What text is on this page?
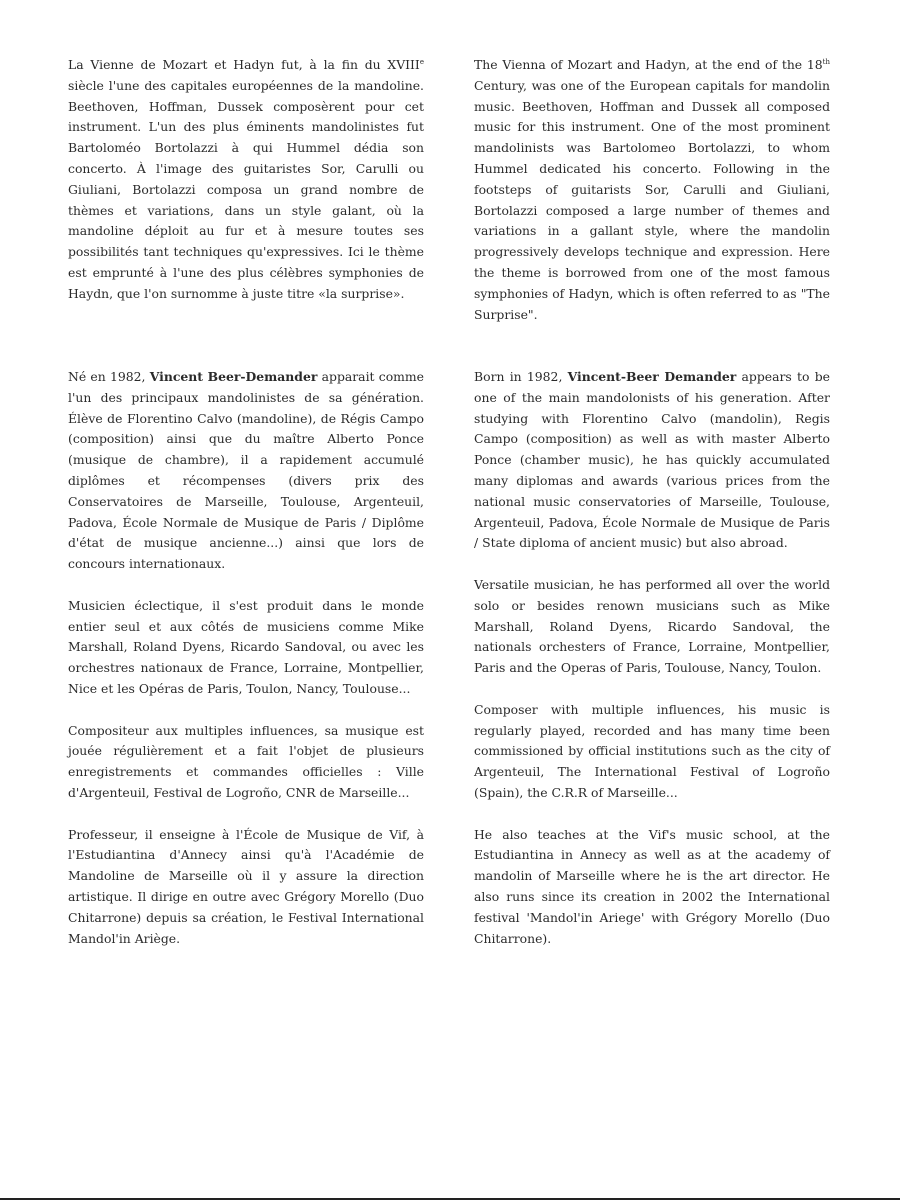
La Vienne de Mozart et Hadyn fut, à la fin du XVIIIe siècle l'une des capitales européennes de la mandoline. Beethoven, Hoffman, Dussek composèrent pour cet instrument. L'un des plus éminents mandolinistes fut Bartoloméo Bortolazzi à qui Hummel dédia son concerto. À l'image des guitaristes Sor, Carulli ou Giuliani, Bortolazzi composa un grand nombre de thèmes et variations, dans un style galant, où la mandoline déploit au fur et à mesure toutes ses possibilités tant techniques qu'expressives. Ici le thème est emprunté à l'une des plus célèbres symphonies de Haydn, que l'on surnomme à juste titre «la surprise».

Né en 1982, Vincent Beer-Demander apparait comme l'un des principaux mandolinistes de sa génération. Élève de Florentino Calvo (mandoline), de Régis Campo (composition) ainsi que du maître Alberto Ponce (musique de chambre), il a rapidement accumulé diplômes et récompenses (divers prix des Conservatoires de Marseille, Toulouse, Argenteuil, Padova, École Normale de Musique de Paris / Diplôme d'état de musique ancienne...) ainsi que lors de concours internationaux.

Musicien éclectique, il s'est produit dans le monde entier seul et aux côtés de musiciens comme Mike Marshall, Roland Dyens, Ricardo Sandoval, ou avec les orchestres nationaux de France, Lorraine, Montpellier, Nice et les Opéras de Paris, Toulon, Nancy, Toulouse...

Compositeur aux multiples influences, sa musique est jouée régulièrement et a fait l'objet de plusieurs enregistrements et commandes officielles : Ville d'Argenteuil, Festival de Logroño, CNR de Marseille...

Professeur, il enseigne à l'École de Musique de Vif, à l'Estudiantina d'Annecy ainsi qu'à l'Académie de Mandoline de Marseille où il y assure la direction artistique. Il dirige en outre avec Grégory Morello (Duo Chitarrone) depuis sa création, le Festival International Mandol'in Ariège.

The Vienna of Mozart and Hadyn, at the end of the 18th Century, was one of the European capitals for mandolin music. Beethoven, Hoffman and Dussek all composed music for this instrument. One of the most prominent mandolinists was Bartolomeo Bortolazzi, to whom Hummel dedicated his concerto. Following in the footsteps of guitarists Sor, Carulli and Giuliani, Bortolazzi composed a large number of themes and variations in a gallant style, where the mandolin progressively develops technique and expression. Here the theme is borrowed from one of the most famous symphonies of Hadyn, which is often referred to as "The Surprise".

Born in 1982, Vincent-Beer Demander appears to be one of the main mandolonists of his generation. After studying with Florentino Calvo (mandolin), Regis Campo (composition) as well as with master Alberto Ponce (chamber music), he has quickly accumulated many diplomas and awards (various prices from the national music conservatories of Marseille, Toulouse, Argenteuil, Padova, École Normale de Musique de Paris / State diploma of ancient music) but also abroad.

Versatile musician, he has performed all over the world solo or besides renown musicians such as Mike Marshall, Roland Dyens, Ricardo Sandoval, the nationals orchesters of France, Lorraine, Montpellier, Paris and the Operas of Paris, Toulouse, Nancy, Toulon.

Composer with multiple influences, his music is regularly played, recorded and has many time been commissioned by official institutions such as the city of Argenteuil, The International Festival of Logroño (Spain), the C.R.R of Marseille...

He also teaches at the Vif's music school, at the Estudiantina in Annecy as well as at the academy of mandolin of Marseille where he is the art director. He also runs since its creation in 2002 the International festival 'Mandol'in Ariege' with Grégory Morello (Duo Chitarrone).
